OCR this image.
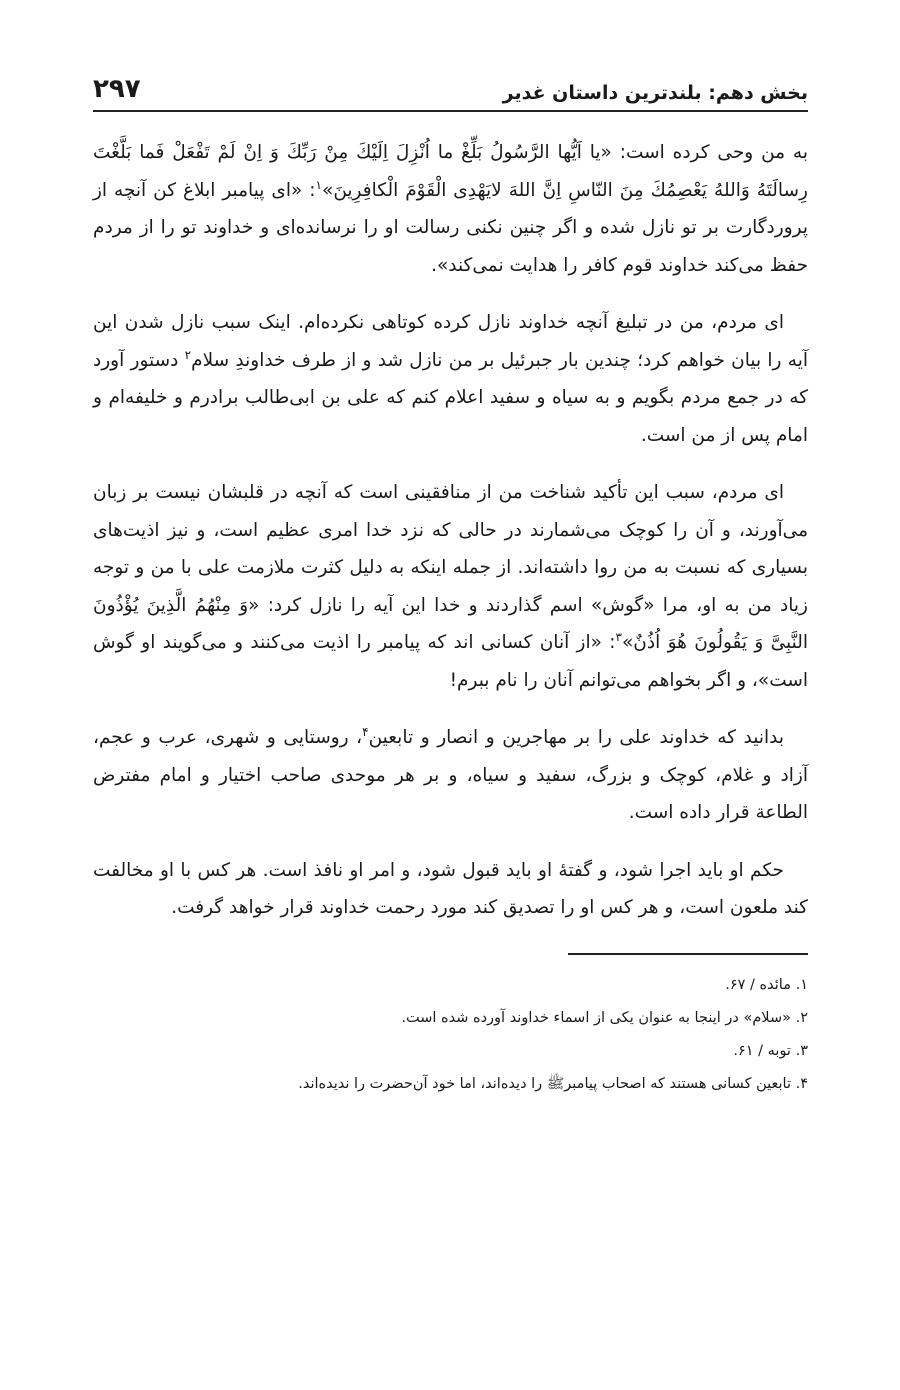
بخش دهم: بلندترین داستان غدیر
۲۹۷

به من وحی کرده است: «یا اَیُّها الرَّسُولُ بَلِّغْ ما اُنْزِلَ اِلَیْكَ مِنْ رَبِّكَ وَ اِنْ لَمْ تَفْعَلْ فَما بَلَّغْتَ رِسالَتَهُ وَاللهُ یَعْصِمُكَ مِنَ النّاسِ اِنَّ اللهَ لایَهْدِی الْقَوْمَ الْکافِرِینَ»$^۱$: «ای پیامبر ابلاغ کن آنچه از پروردگارت بر تو نازل شده و اگر چنین نکنی رسالت او را نرسانده‌ای و خداوند تو را از مردم حفظ می‌کند خداوند قوم کافر را هدایت نمی‌کند».

ای مردم، من در تبلیغ آنچه خداوند نازل کرده کوتاهی نکرده‌ام. اینک سبب نازل شدن این آیه را بیان خواهم کرد؛ چندین بار جبرئیل بر من نازل شد و از طرف خداوندِ سلام$^۲$ دستور آورد که در جمع مردم بگویم و به سیاه و سفید اعلام کنم که علی بن ابی‌طالب برادرم و خلیفه‌ام و امام پس از من است.

ای مردم، سبب این تأکید شناخت من از منافقینی است که آنچه در قلبشان نیست بر زبان می‌آورند، و آن را کوچک می‌شمارند در حالی که نزد خدا امری عظیم است، و نیز اذیت‌های بسیاری که نسبت به من روا داشته‌اند. از جمله اینکه به دلیل کثرت ملازمت علی با من و توجه زیاد من به او، مرا «گوش» اسم گذاردند و خدا این آیه را نازل کرد: «وَ مِنْهُمُ الَّذِینَ یُؤْذُونَ النَّبِیَّ وَ یَقُولُونَ هُوَ اُذُنٌ»$^۳$: «از آنان کسانی اند که پیامبر را اذیت می‌کنند و می‌گویند او گوش است»، و اگر بخواهم می‌توانم آنان را نام ببرم!

بدانید که خداوند علی را بر مهاجرین و انصار و تابعین$^۴$، روستایی و شهری، عرب و عجم، آزاد و غلام، کوچک و بزرگ، سفید و سیاه، و بر هر موحدی صاحب اختیار و امام مفترض الطاعة قرار داده است.

حکم او باید اجرا شود، و گفتهٔ او باید قبول شود، و امر او نافذ است. هر کس با او مخالفت کند ملعون است، و هر کس او را تصدیق کند مورد رحمت خداوند قرار خواهد گرفت.

۱. مائده / ۶۷.
۲. «سلام» در اینجا به عنوان یکی از اسماء خداوند آورده شده است.
۳. توبه / ۶۱.
۴. تابعین کسانی هستند که اصحاب پیامبرﷺ را دیده‌اند، اما خود آن‌حضرت را ندیده‌اند.
